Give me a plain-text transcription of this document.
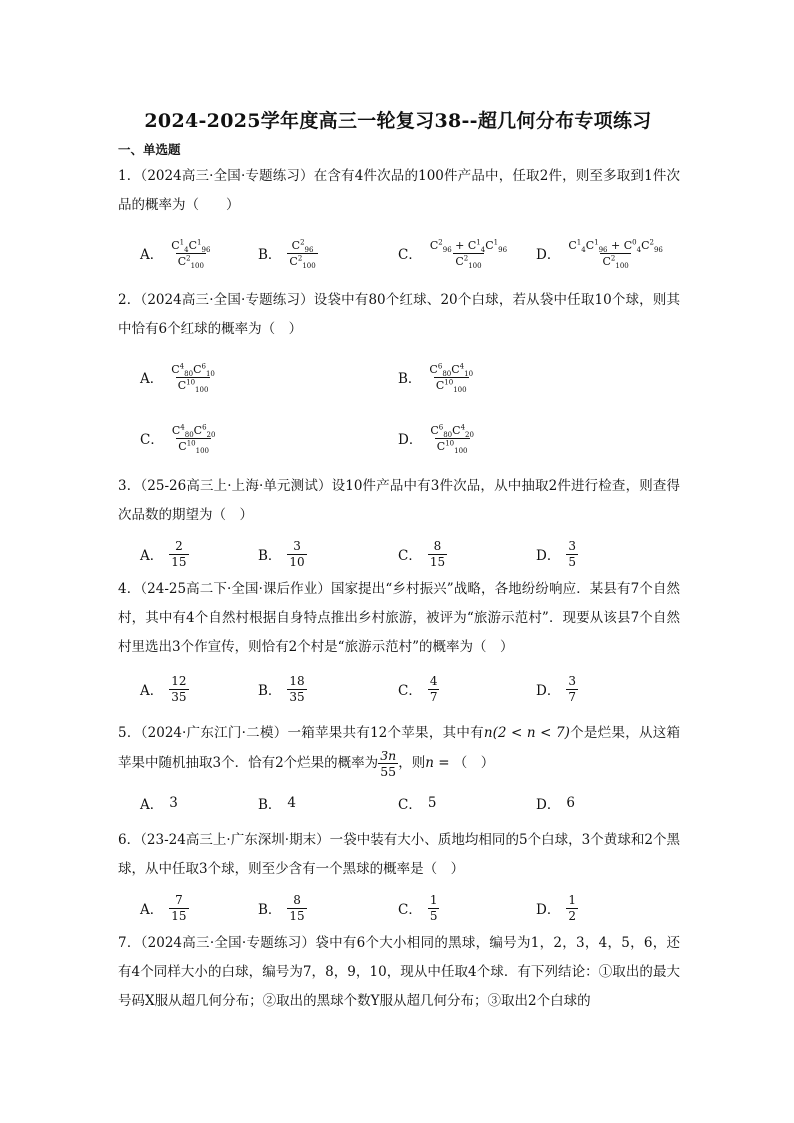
2024-2025学年度高三一轮复习38--超几何分布专项练习
一、单选题
1．（2024高三·全国·专题练习）在含有4件次品的100件产品中，任取2件，则至多取到1件次品的概率为（　　）
A． $\frac{C^1_4C^1_{96}}{C^2_{100}}$	B． $\frac{C^2_{96}}{C^2_{100}}$	C． $\frac{C^2_{96} + C^1_4C^1_{96}}{C^2_{100}}$ D． $\frac{C^1_4C^1_{96} + C^0_4C^2_{96}}{C^2_{100}}$
2．（2024高三·全国·专题练习）设袋中有80个红球、20个白球，若从袋中任取10个球，则其中恰有6个红球的概率为（　）
A． $\frac{C^4_{80}C^6_{10}}{C^{10}_{100}}$	B． $\frac{C^6_{80}C^4_{10}}{C^{10}_{100}}$
C． $\frac{C^4_{80}C^6_{20}}{C^{10}_{100}}$	D． $\frac{C^6_{80}C^4_{20}}{C^{10}_{100}}$
3．（25-26高三上·上海·单元测试）设10件产品中有3件次品，从中抽取2件进行检查，则查得次品数的期望为（　）
A． $\frac{2}{15}$	B． $\frac{3}{10}$	C． $\frac{8}{15}$	D． $\frac{3}{5}$
4．（24-25高二下·全国·课后作业）国家提出“乡村振兴”战略，各地纷纷响应．某县有7个自然村，其中有4个自然村根据自身特点推出乡村旅游，被评为“旅游示范村”．现要从该县7个自然村里选出3个作宣传，则恰有2个村是“旅游示范村”的概率为（　）
A． $\frac{12}{35}$	B． $\frac{18}{35}$	C． $\frac{4}{7}$	D． $\frac{3}{7}$
5．（2024·广东江门·二模）一箱苹果共有12个苹果，其中有n(2 < n < 7)个是烂果，从这箱苹果中随机抽取3个．恰有2个烂果的概率为 $\frac{3n}{55}$ ，则n = （　）
A． 3	B． 4	C． 5	D． 6
6．（23-24高三上·广东深圳·期末）一袋中装有大小、质地均相同的5个白球，3个黄球和2个黑球，从中任取3个球，则至少含有一个黑球的概率是（　）
A． $\frac{7}{15}$	B． $\frac{8}{15}$	C． $\frac{1}{5}$	D． $\frac{1}{2}$
7．（2024高三·全国·专题练习）袋中有6个大小相同的黑球，编号为1，2，3，4，5，6，还有4个同样大小的白球，编号为7，8，9，10，现从中任取4个球．有下列结论：①取出的最大号码X服从超几何分布；②取出的黑球个数Y服从超几何分布；③取出2个白球的
